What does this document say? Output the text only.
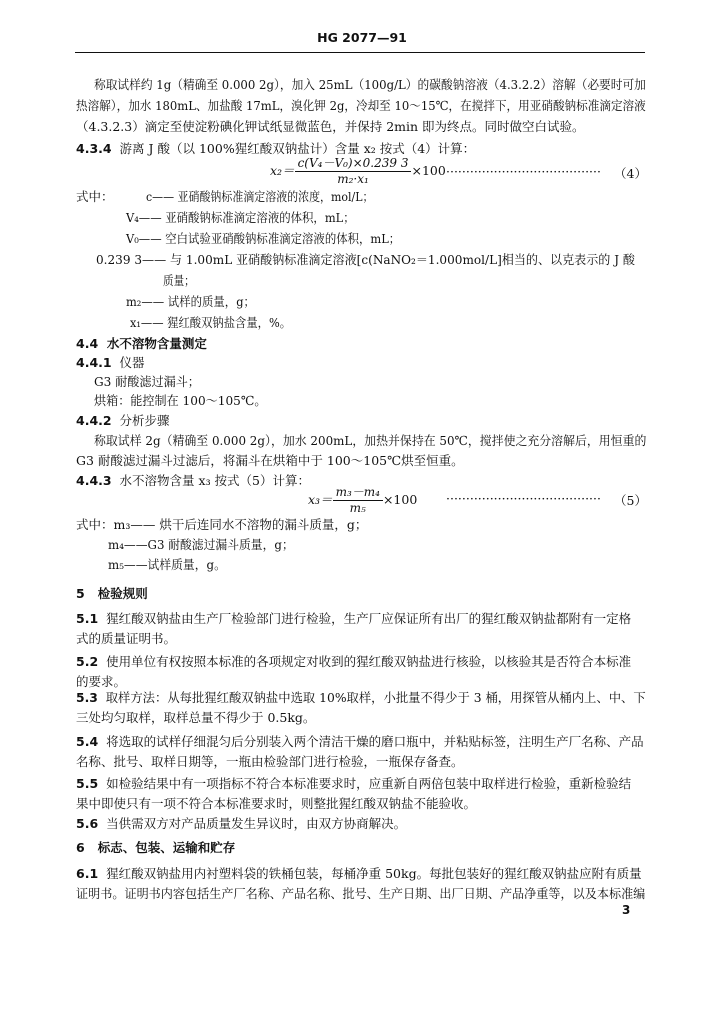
HG 2077—91
称取试样约 1g（精确至 0.000 2g），加入 25mL（100g/L）的碳酸钠溶液（4.3.2.2）溶解（必要时可加
热溶解），加水 180mL、加盐酸 17mL，溴化钾 2g，冷却至 10～15℃，在搅拌下，用亚硝酸钠标准滴定溶液
（4.3.2.3）滴定至使淀粉碘化钾试纸显微蓝色，并保持 2min 即为终点。同时做空白试验。
4.3.4 游离 J 酸（以 100%猩红酸双钠盐计）含量 x₂ 按式（4）计算：
$x_2= \frac{\text{c(V₄－V₀)×0.239 3}}{\text{m₂·x₁}} \times 100$ ······································· （4）
式中：	c—— 亚硝酸钠标准滴定溶液的浓度，mol/L；
V₄—— 亚硝酸钠标准滴定溶液的体积，mL；
V₀—— 空白试验亚硝酸钠标准滴定溶液的体积，mL；
0.239 3—— 与 1.00mL 亚硝酸钠标准滴定溶液[c(NaNO₂＝1.000mol/L]相当的、以克表示的 J 酸
质量；
m₂—— 试样的质量，g；
x₁—— 猩红酸双钠盐含量，%。
4.4 水不溶物含量测定
4.4.1 仪器
G3 耐酸滤过漏斗；
烘箱：能控制在 100～105℃。
4.4.2 分析步骤
称取试样 2g（精确至 0.000 2g），加水 200mL，加热并保持在 50℃，搅拌使之充分溶解后，用恒重的
G3 耐酸滤过漏斗过滤后，将漏斗在烘箱中于 100～105℃烘至恒重。
4.4.3 水不溶物含量 x₃ 按式（5）计算：
$x_3= \frac{\text{m₃－m₄}}{\text{m₅}} \times 100$ ······································· （5）
式中：m₃—— 烘干后连同水不溶物的漏斗质量，g；
m₄——G3 耐酸滤过漏斗质量，g；
m₅——试样质量，g。
5 检验规则
5.1 猩红酸双钠盐由生产厂检验部门进行检验，生产厂应保证所有出厂的猩红酸双钠盐都附有一定格
式的质量证明书。
5.2 使用单位有权按照本标准的各项规定对收到的猩红酸双钠盐进行核验，以核验其是否符合本标准
的要求。
5.3 取样方法：从每批猩红酸双钠盐中选取 10%取样，小批量不得少于 3 桶，用探管从桶内上、中、下
三处均匀取样，取样总量不得少于 0.5kg。
5.4 将选取的试样仔细混匀后分别装入两个清洁干燥的磨口瓶中，并粘贴标签，注明生产厂名称、产品
名称、批号、取样日期等，一瓶由检验部门进行检验，一瓶保存备查。
5.5 如检验结果中有一项指标不符合本标准要求时，应重新自两倍包装中取样进行检验，重新检验结
果中即使只有一项不符合本标准要求时，则整批猩红酸双钠盐不能验收。
5.6 当供需双方对产品质量发生异议时，由双方协商解决。
6 标志、包装、运输和贮存
6.1 猩红酸双钠盐用内衬塑料袋的铁桶包装，每桶净重 50kg。每批包装好的猩红酸双钠盐应附有质量
证明书。证明书内容包括生产厂名称、产品名称、批号、生产日期、出厂日期、产品净重等，以及本标准编
3
